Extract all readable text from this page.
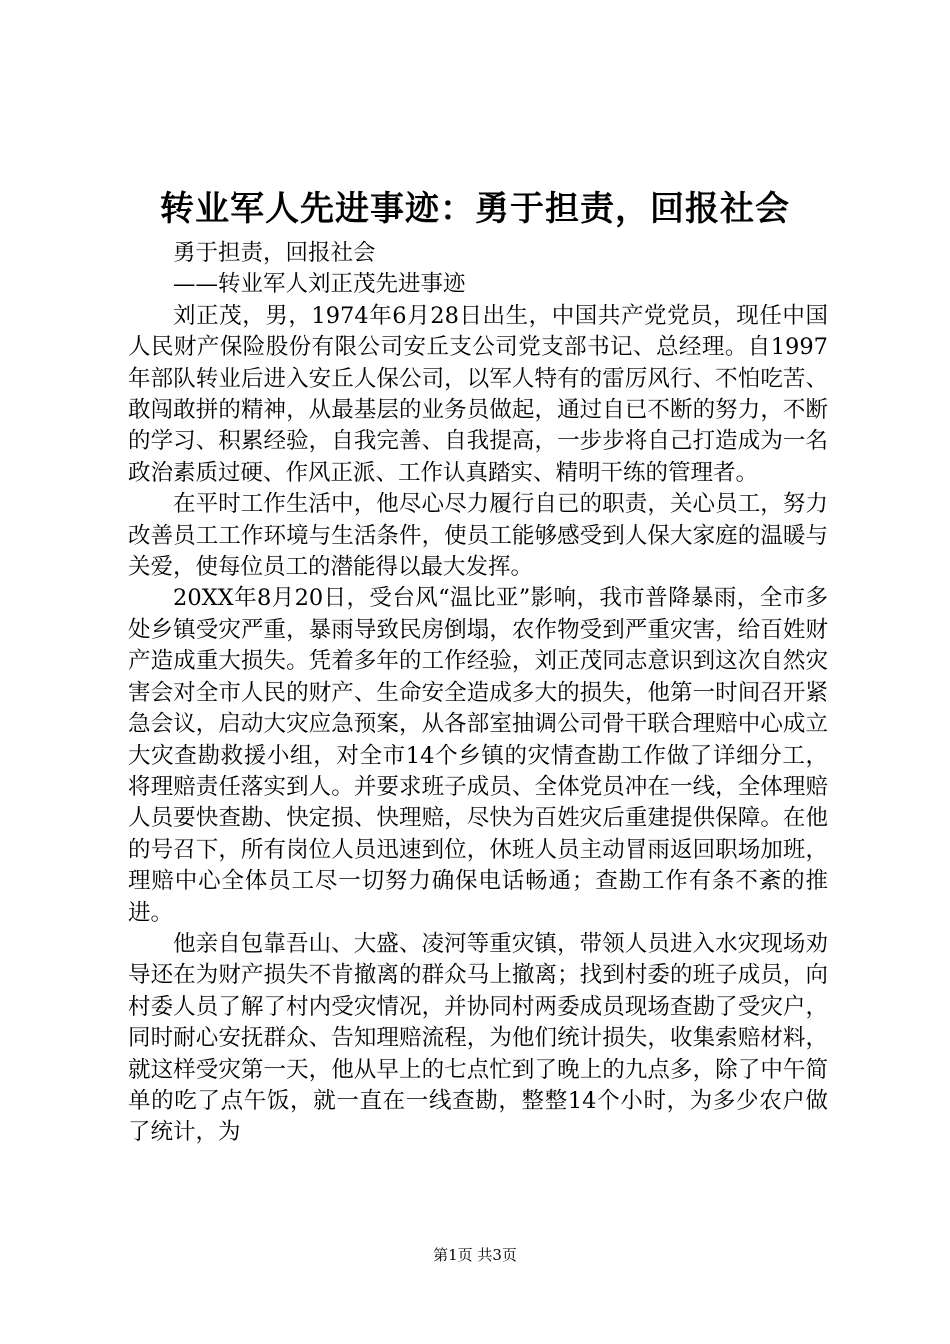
转业军人先进事迹：勇于担责，回报社会

勇于担责，回报社会

——转业军人刘正茂先进事迹

刘正茂，男，1974年6月28日出生，中国共产党党员，现任中国人民财产保险股份有限公司安丘支公司党支部书记、总经理。自1997年部队转业后进入安丘人保公司，以军人特有的雷厉风行、不怕吃苦、敢闯敢拼的精神，从最基层的业务员做起，通过自已不断的努力，不断的学习、积累经验，自我完善、自我提高，一步步将自己打造成为一名政治素质过硬、作风正派、工作认真踏实、精明干练的管理者。

在平时工作生活中，他尽心尽力履行自已的职责，关心员工，努力改善员工工作环境与生活条件，使员工能够感受到人保大家庭的温暖与关爱，使每位员工的潜能得以最大发挥。

20XX年8月20日，受台风“温比亚”影响，我市普降暴雨，全市多处乡镇受灾严重，暴雨导致民房倒塌，农作物受到严重灾害，给百姓财产造成重大损失。凭着多年的工作经验，刘正茂同志意识到这次自然灾害会对全市人民的财产、生命安全造成多大的损失，他第一时间召开紧急会议，启动大灾应急预案，从各部室抽调公司骨干联合理赔中心成立大灾查勘救援小组，对全市14个乡镇的灾情查勘工作做了详细分工，将理赔责任落实到人。并要求班子成员、全体党员冲在一线，全体理赔人员要快查勘、快定损、快理赔，尽快为百姓灾后重建提供保障。在他的号召下，所有岗位人员迅速到位，休班人员主动冒雨返回职场加班，理赔中心全体员工尽一切努力确保电话畅通；查勘工作有条不紊的推进。

他亲自包靠吾山、大盛、凌河等重灾镇，带领人员进入水灾现场劝导还在为财产损失不肯撤离的群众马上撤离；找到村委的班子成员，向村委人员了解了村内受灾情况，并协同村两委成员现场查勘了受灾户，同时耐心安抚群众、告知理赔流程，为他们统计损失，收集索赔材料，就这样受灾第一天，他从早上的七点忙到了晚上的九点多，除了中午简单的吃了点午饭，就一直在一线查勘，整整14个小时，为多少农户做了统计，为

第1页 共3页
